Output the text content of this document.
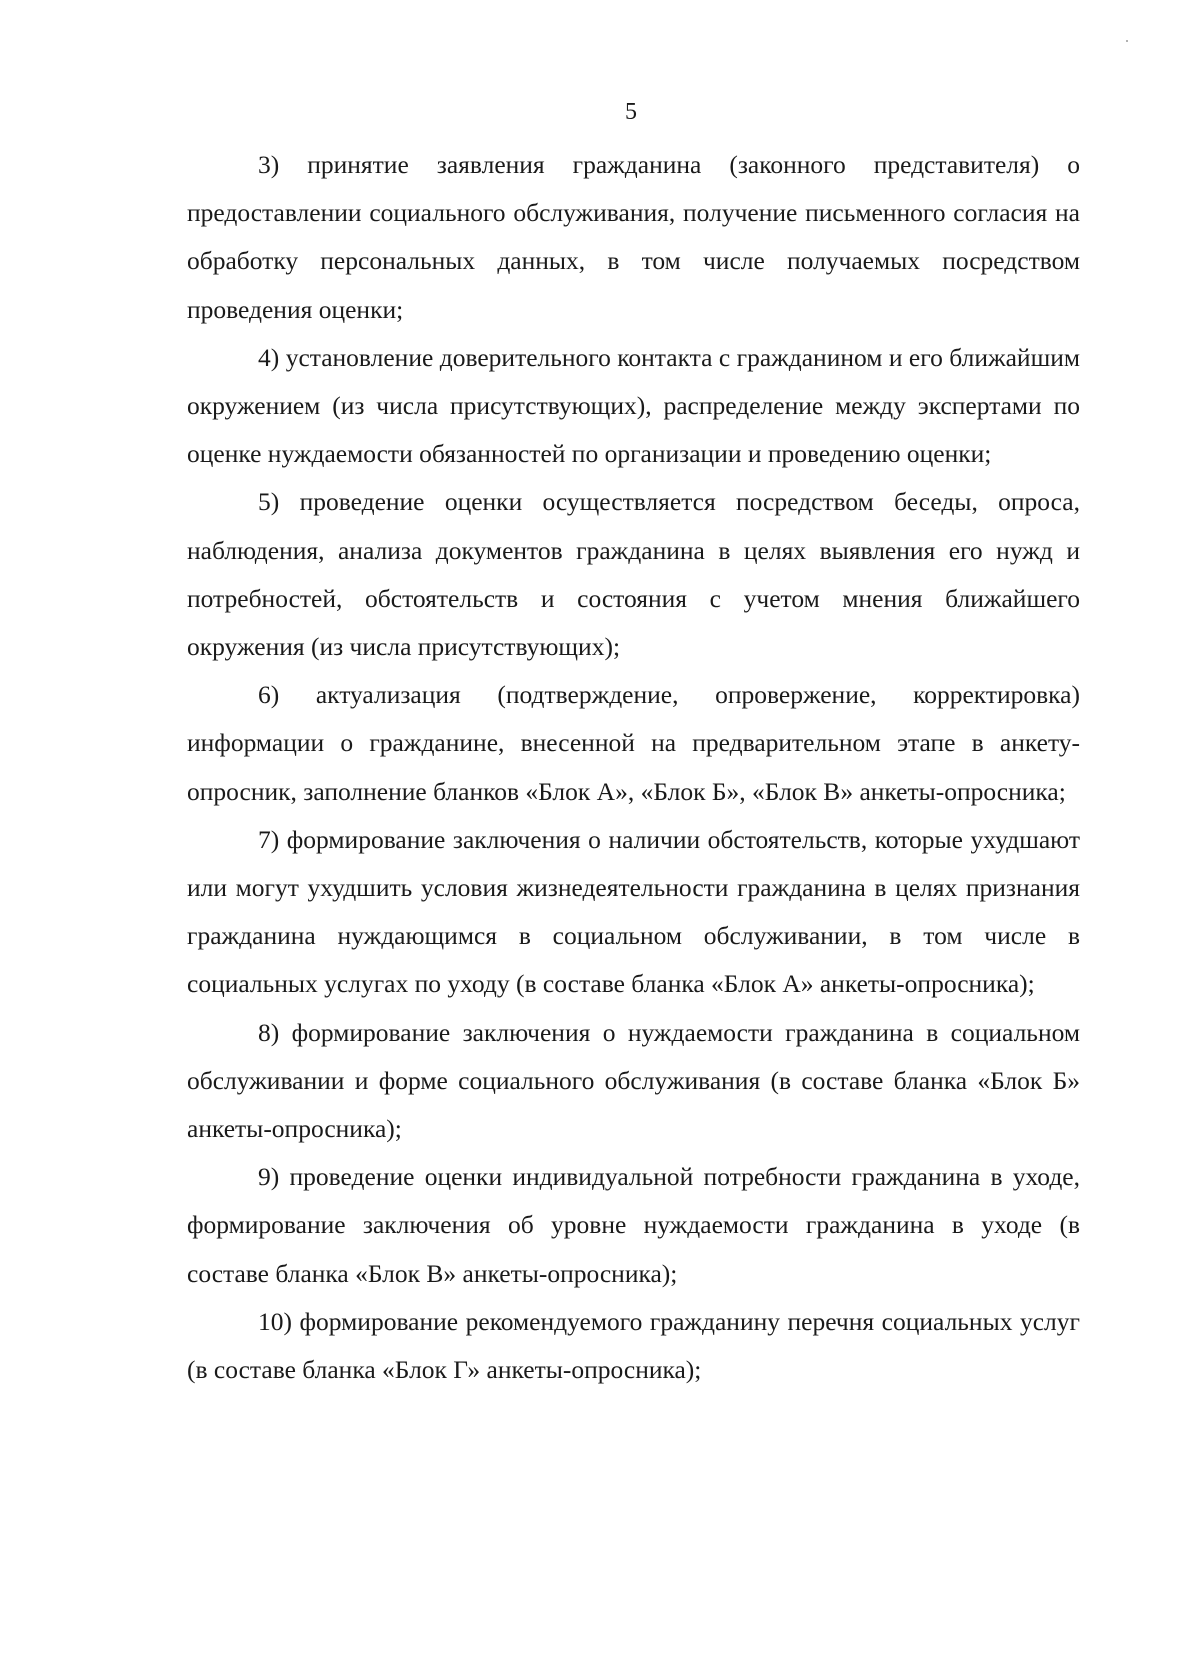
5

3) принятие заявления гражданина (законного представителя) о предоставлении социального обслуживания, получение письменного согласия на обработку персональных данных, в том числе получаемых посредством проведения оценки;

4) установление доверительного контакта с гражданином и его ближайшим окружением (из числа присутствующих), распределение между экспертами по оценке нуждаемости обязанностей по организации и проведению оценки;

5) проведение оценки осуществляется посредством беседы, опроса, наблюдения, анализа документов гражданина в целях выявления его нужд и потребностей, обстоятельств и состояния с учетом мнения ближайшего окружения (из числа присутствующих);

6) актуализация (подтверждение, опровержение, корректировка) информации о гражданине, внесенной на предварительном этапе в анкету-опросник, заполнение бланков «Блок А», «Блок Б», «Блок В» анкеты-опросника;

7) формирование заключения о наличии обстоятельств, которые ухудшают или могут ухудшить условия жизнедеятельности гражданина в целях признания гражданина нуждающимся в социальном обслуживании, в том числе в социальных услугах по уходу (в составе бланка «Блок А» анкеты-опросника);

8) формирование заключения о нуждаемости гражданина в социальном обслуживании и форме социального обслуживания (в составе бланка «Блок Б» анкеты-опросника);

9) проведение оценки индивидуальной потребности гражданина в уходе, формирование заключения об уровне нуждаемости гражданина в уходе (в составе бланка «Блок В» анкеты-опросника);

10) формирование рекомендуемого гражданину перечня социальных услуг (в составе бланка «Блок Г» анкеты-опросника);
